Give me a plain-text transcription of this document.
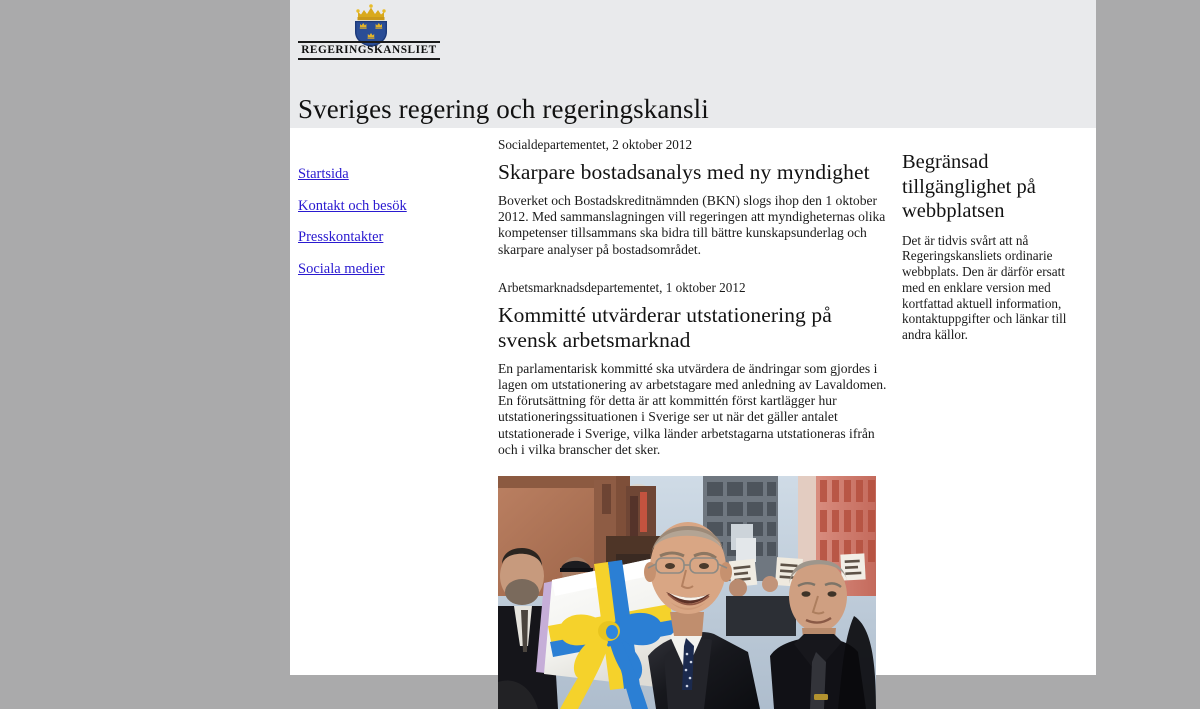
REGERINGSKANSLIET
Sveriges regering och regeringskansli
Startsida
Kontakt och besök
Presskontakter
Sociala medier

Socialdepartementet, 2 oktober 2012

Skarpare bostadsanalys med ny myndighet

Boverket och Bostadskreditnämnden (BKN) slogs ihop den 1 oktober 2012. Med sammanslagningen vill regeringen att myndigheternas olika kompetenser tillsammans ska bidra till bättre kunskapsunderlag och skarpare analyser på bostadsområdet.

Arbetsmarknadsdepartementet, 1 oktober 2012

Kommitté utvärderar utstationering på svensk arbetsmarknad

En parlamentarisk kommitté ska utvärdera de ändringar som gjordes i lagen om utstationering av arbetstagare med anledning av Lavaldomen. En förutsättning för detta är att kommittén först kartlägger hur utstationeringssituationen i Sverige ser ut när det gäller antalet utstationerade i Sverige, vilka länder arbetstagarna utstationeras ifrån och i vilka branscher det sker.

Begränsad tillgänglighet på webbplatsen

Det är tidvis svårt att nå Regeringskansliets ordinarie webbplats. Den är därför ersatt med en enklare version med kortfattad aktuell information, kontaktuppgifter och länkar till andra källor.
